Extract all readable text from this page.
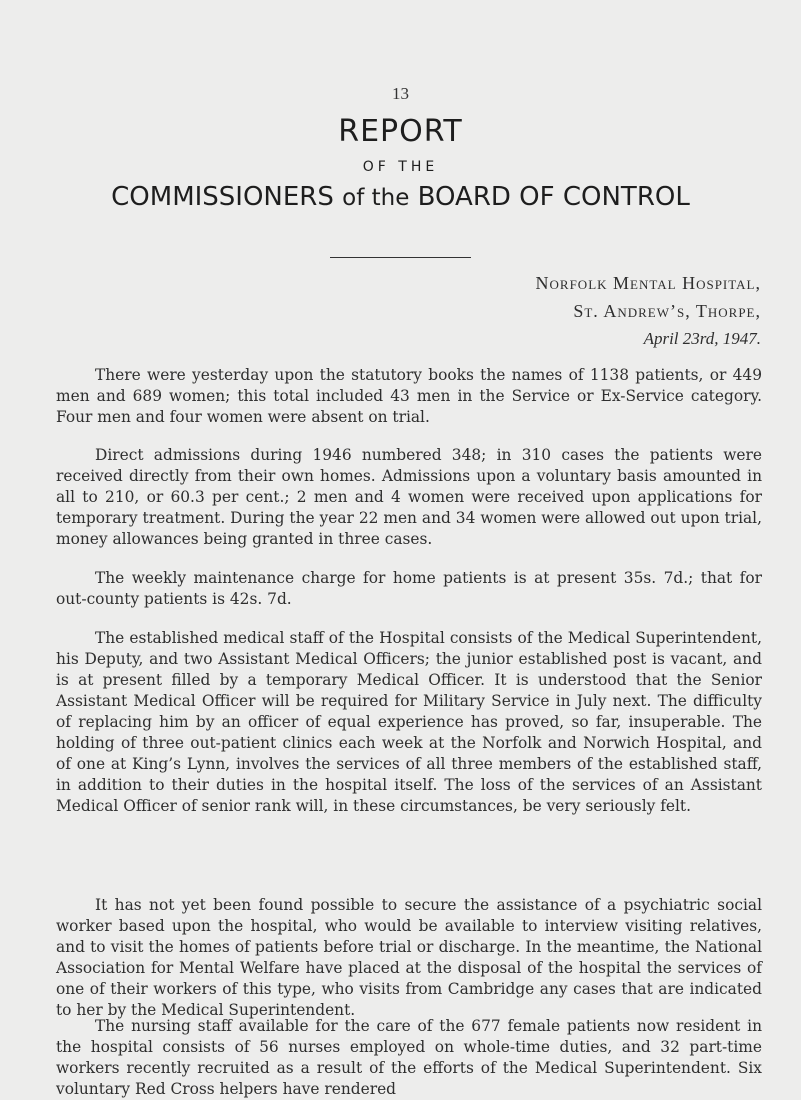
13
REPORT
OF THE
COMMISSIONERS of the BOARD OF CONTROL
Norfolk Mental Hospital,
St. Andrew’s, Thorpe,
April 23rd, 1947.

There were yesterday upon the statutory books the names of 1138 patients, or 449 men and 689 women; this total included 43 men in the Service or Ex-Service category. Four men and four women were absent on trial.

Direct admissions during 1946 numbered 348; in 310 cases the patients were received directly from their own homes. Admissions upon a voluntary basis amounted in all to 210, or 60.3 per cent.; 2 men and 4 women were received upon applications for temporary treatment. During the year 22 men and 34 women were allowed out upon trial, money allowances being granted in three cases.

The weekly maintenance charge for home patients is at present 35s. 7d.; that for out-county patients is 42s. 7d.

The established medical staff of the Hospital consists of the Medical Superintendent, his Deputy, and two Assistant Medical Officers; the junior established post is vacant, and is at present filled by a temporary Medical Officer. It is understood that the Senior Assistant Medical Officer will be required for Military Service in July next. The difficulty of replacing him by an officer of equal experience has proved, so far, insuperable. The holding of three out-patient clinics each week at the Norfolk and Norwich Hospital, and of one at King’s Lynn, involves the services of all three members of the established staff, in addition to their duties in the hospital itself. The loss of the services of an Assistant Medical Officer of senior rank will, in these circumstances, be very seriously felt.

It has not yet been found possible to secure the assistance of a psychiatric social worker based upon the hospital, who would be available to interview visiting relatives, and to visit the homes of patients before trial or discharge. In the meantime, the National Association for Mental Welfare have placed at the disposal of the hospital the services of one of their workers of this type, who visits from Cambridge any cases that are indicated to her by the Medical Superintendent.

The nursing staff available for the care of the 677 female patients now resident in the hospital consists of 56 nurses employed on whole-time duties, and 32 part-time workers recently recruited as a result of the efforts of the Medical Superintendent. Six voluntary Red Cross helpers have rendered
